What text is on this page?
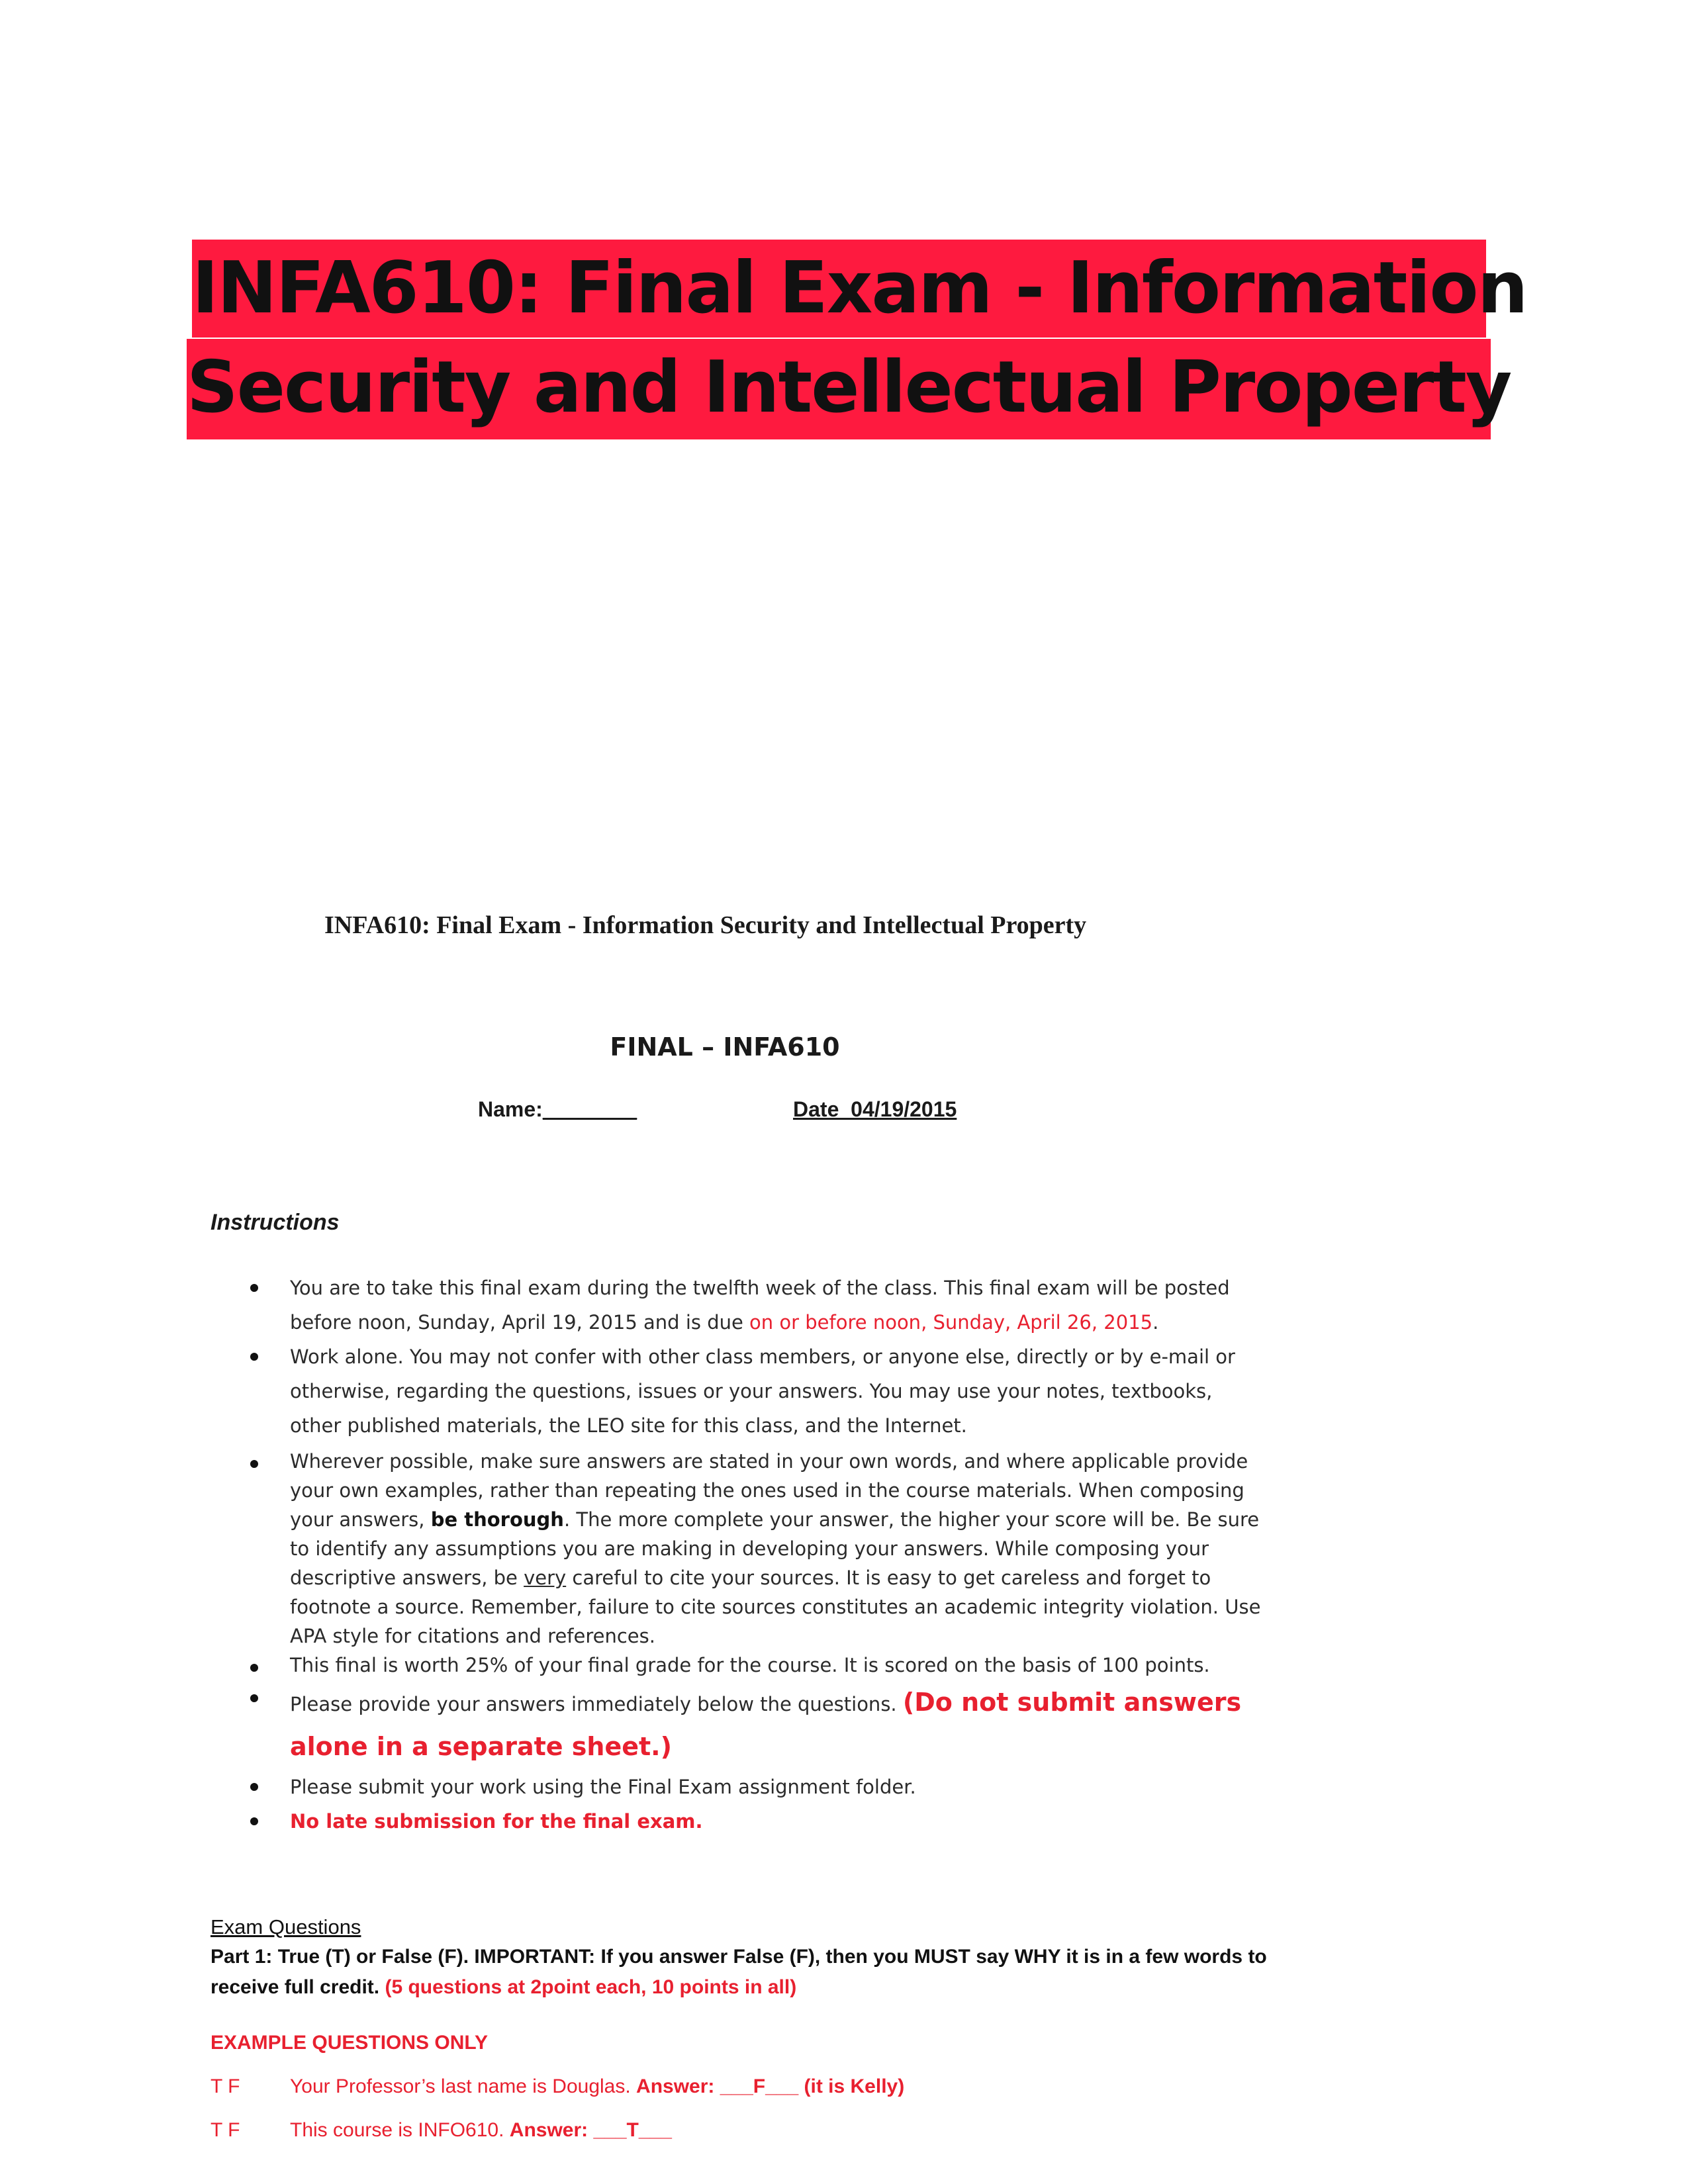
INFA610: Final Exam - Information
Security and Intellectual Property
INFA610: Final Exam - Information Security and Intellectual Property
FINAL – INFA610
Name:________	Date_04/19/2015
Instructions
You are to take this final exam during the twelfth week of the class. This final exam will be posted before noon, Sunday, April 19, 2015 and is due on or before noon, Sunday, April 26, 2015.
Work alone. You may not confer with other class members, or anyone else, directly or by e-mail or otherwise, regarding the questions, issues or your answers. You may use your notes, textbooks, other published materials, the LEO site for this class, and the Internet.
Wherever possible, make sure answers are stated in your own words, and where applicable provide your own examples, rather than repeating the ones used in the course materials. When composing your answers, be thorough. The more complete your answer, the higher your score will be. Be sure to identify any assumptions you are making in developing your answers. While composing your descriptive answers, be very careful to cite your sources. It is easy to get careless and forget to footnote a source. Remember, failure to cite sources constitutes an academic integrity violation. Use APA style for citations and references.
This final is worth 25% of your final grade for the course. It is scored on the basis of 100 points.
Please provide your answers immediately below the questions. (Do not submit answers alone in a separate sheet.)
Please submit your work using the Final Exam assignment folder.
No late submission for the final exam.
Exam Questions
Part 1: True (T) or False (F). IMPORTANT: If you answer False (F), then you MUST say WHY it is in a few words to receive full credit. (5 questions at 2point each, 10 points in all)
EXAMPLE QUESTIONS ONLY
T F	Your Professor’s last name is Douglas. Answer: ___F___ (it is Kelly)
T F	This course is INFO610. Answer: ___T___
